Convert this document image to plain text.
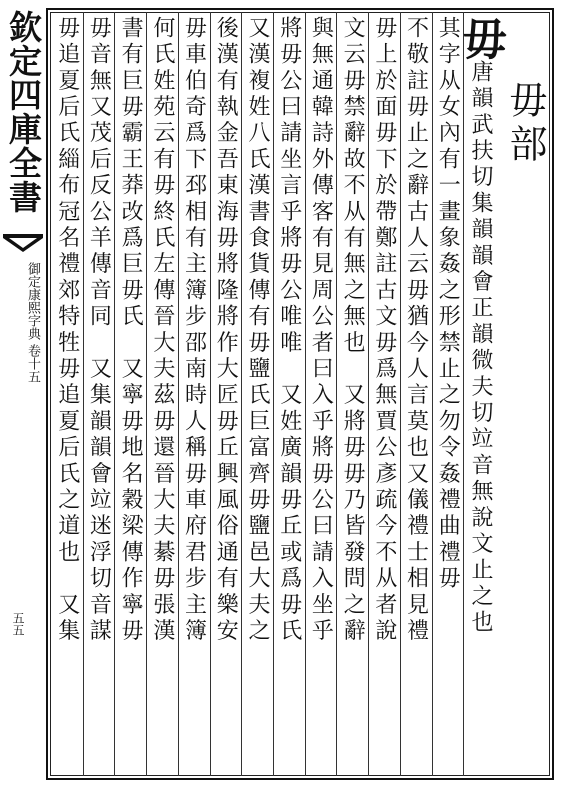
欽定四庫全書
御定康熙字典 卷十五
五五
毋部
毋唐韻武扶切集韻韻會正韻微夫切竝音無說文止之也
其字从女內有一畫象姦之形禁止之勿令姦禮曲禮毋
不敬註毋止之辭古人云毋猶今人言莫也又儀禮士相見禮
毋上於面毋下於帶鄭註古文毋爲無賈公彥疏今不从者說
文云毋禁辭故不从有無之無也　又將毋毋乃皆發問之辭
與無通韓詩外傳客有見周公者曰入乎將毋公曰請入坐乎
將毋公曰請坐言乎將毋公唯唯　又姓廣韻毋丘或爲毋氏
又漢複姓八氏漢書食貨傳有毋鹽氏巨富齊毋鹽邑大夫之
後漢有執金吾東海毋將隆將作大匠毋丘興風俗通有樂安
毋車伯奇爲下邳相有主簿步邵南時人稱毋車府君步主簿
何氏姓苑云有毋終氏左傳晉大夫茲毋還晉大夫綦毋張漢
書有巨毋霸王莽改爲巨毋氏　又寧毋地名穀梁傳作寧毋
毋音無又茂后反公羊傳音同　又集韻韻會竝迷浮切音謀
毋追夏后氏緇布冠名禮郊特牲毋追夏后氏之道也　又集
